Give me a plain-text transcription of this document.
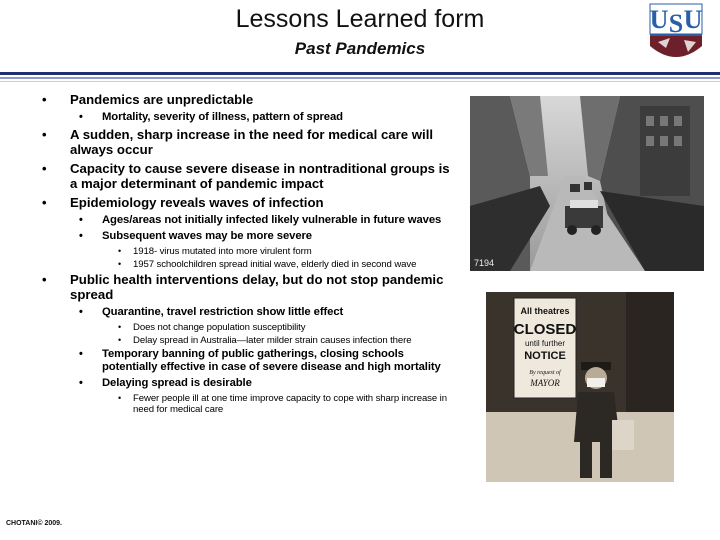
Lessons Learned form
Past Pandemics
U S U
• Pandemics are unpredictable
• Mortality, severity of illness, pattern of spread
• A sudden, sharp increase in the need for medical care will always occur
• Capacity to cause severe disease in nontraditional groups is a major determinant of pandemic impact
• Epidemiology reveals waves of infection
• Ages/areas not initially infected likely vulnerable in future waves
• Subsequent waves may be more severe
• 1918- virus mutated into more virulent form
• 1957 schoolchildren spread initial wave, elderly died in second wave
• Public health interventions delay, but do not stop pandemic spread
• Quarantine, travel restriction show little effect
• Does not change population susceptibility
• Delay spread in Australia—later milder strain causes infection there
• Temporary banning of public gatherings, closing schools potentially effective in case of severe disease and high mortality
• Delaying spread is desirable
• Fewer people ill at one time improve capacity to cope with sharp increase in need for medical care
7194
All theatres
CLOSED
until further
NOTICE
By request of
MAYOR
CHOTANI© 2009.
